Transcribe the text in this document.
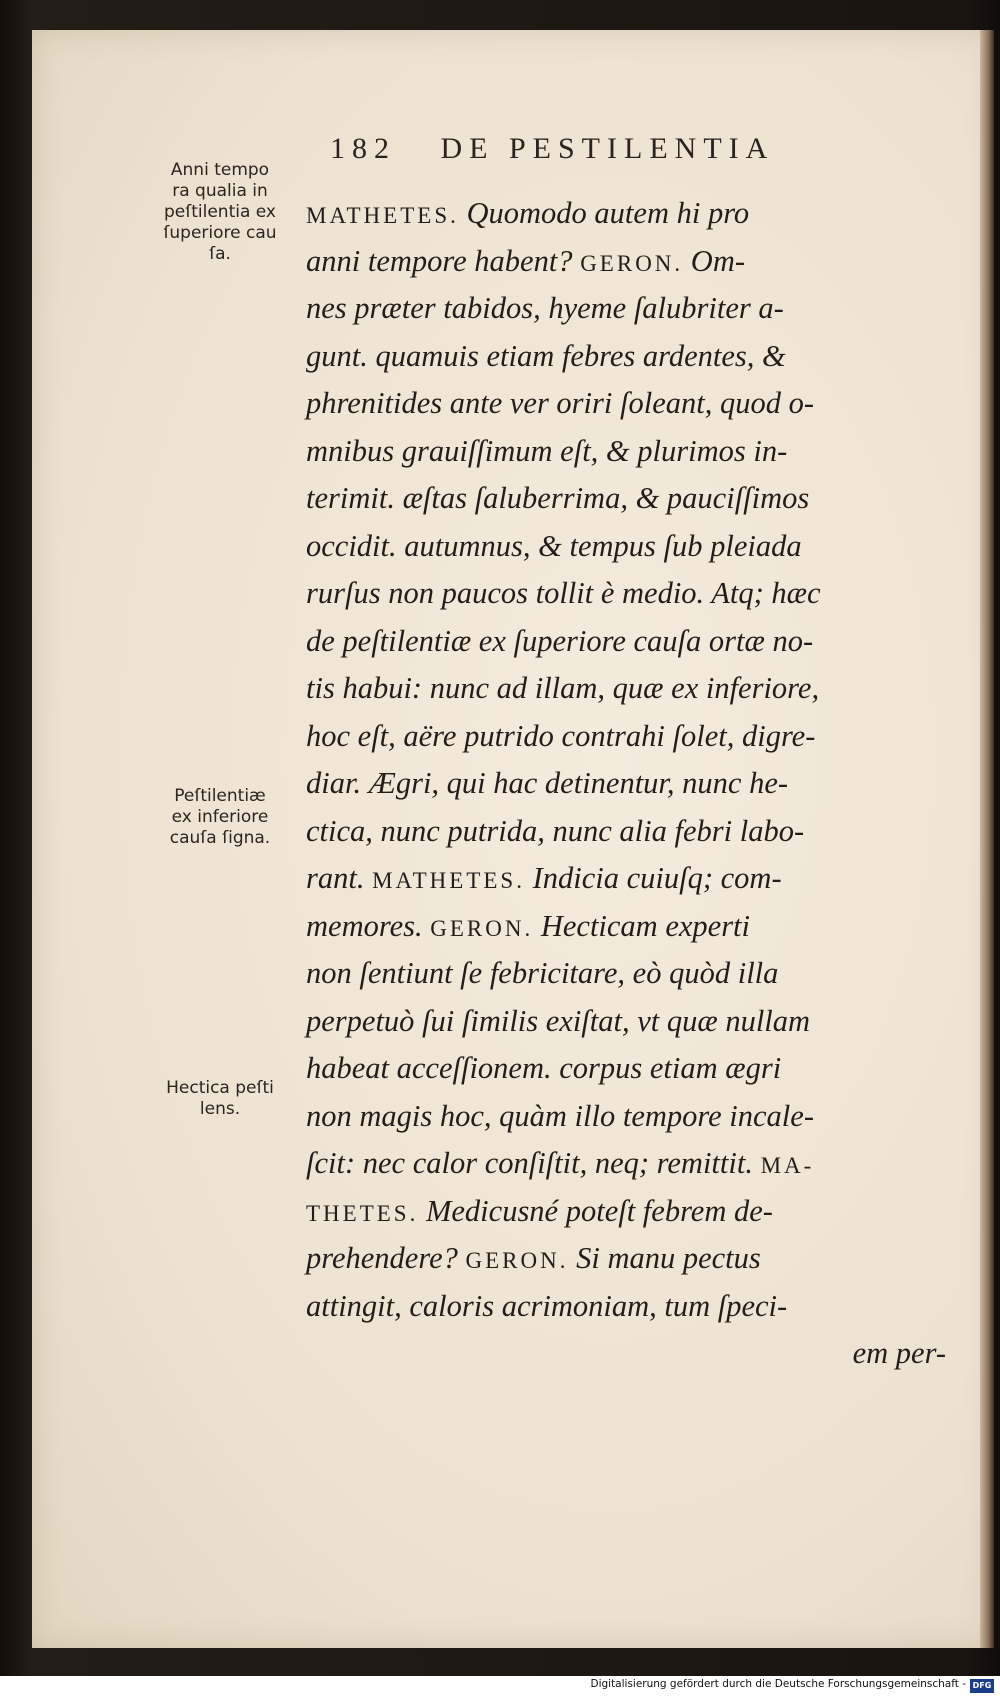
182 DE PESTILENTIA
Anni tempo
ra qualia in
peſtilentia ex
ſuperiore cau
ſa.
Peſtilentiæ
ex inferiore
cauſa ſigna.
Hectica peſti
lens.
MATHETES. Quomodo autem hi pro
anni tempore habent? GERON. Om-
nes præter tabidos, hyeme ſalubriter a-
gunt. quamuis etiam febres ardentes, &
phrenitides ante ver oriri ſoleant, quod o-
mnibus grauiſſimum eſt, & plurimos in-
terimit. æſtas ſaluberrima, & pauciſſimos
occidit. autumnus, & tempus ſub pleiada
rurſus non paucos tollit è medio. Atq; hæc
de peſtilentiæ ex ſuperiore cauſa ortæ no-
tis habui: nunc ad illam, quæ ex inferiore,
hoc eſt, aëre putrido contrahi ſolet, digre-
diar. Ægri, qui hac detinentur, nunc he-
ctica, nunc putrida, nunc alia febri labo-
rant. MATHETES. Indicia cuiuſq; com-
memores. GERON. Hecticam experti
non ſentiunt ſe febricitare, eò quòd illa
perpetuò ſui ſimilis exiſtat, vt quæ nullam
habeat acceſſionem. corpus etiam ægri
non magis hoc, quàm illo tempore incale-
ſcit: nec calor conſiſtit, neq; remittit. MA-
THETES. Medicusné poteſt febrem de-
prehendere? GERON. Si manu pectus
attingit, caloris acrimoniam, tum ſpeci-
em per-
Digitalisierung gefördert durch die Deutsche Forschungsgemeinschaft - DFG
